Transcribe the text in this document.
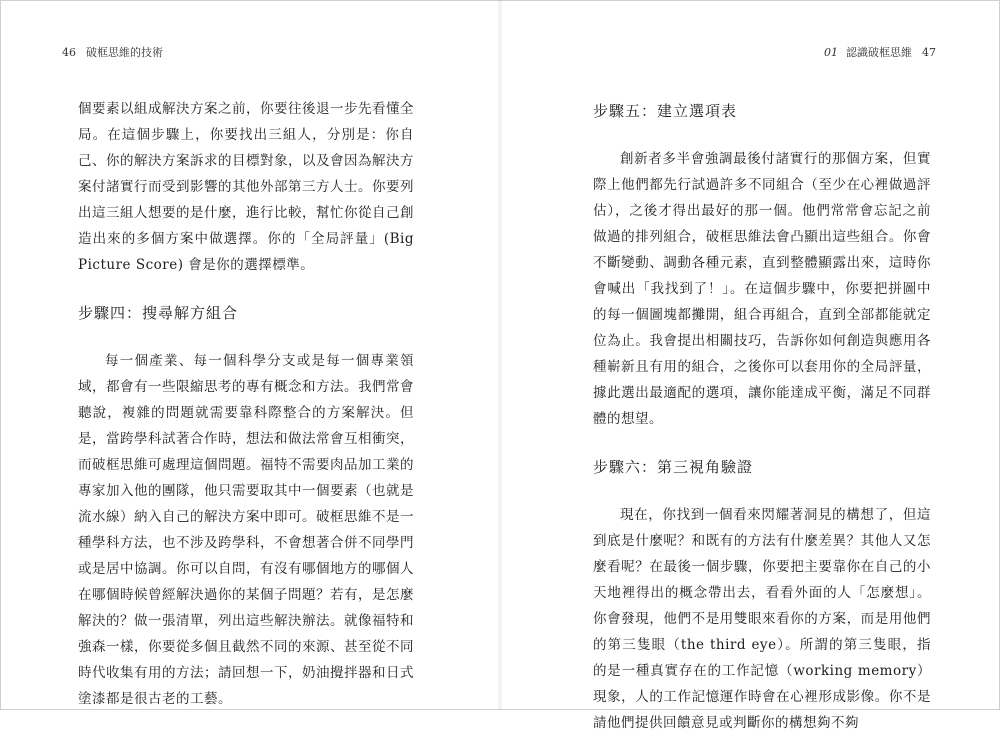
46 破框思維的技術

個要素以組成解決方案之前，你要往後退一步先看懂全局。在這個步驟上，你要找出三組人，分別是：你自己、你的解決方案訴求的目標對象，以及會因為解決方案付諸實行而受到影響的其他外部第三方人士。你要列出這三組人想要的是什麼，進行比較，幫忙你從自己創造出來的多個方案中做選擇。你的「全局評量」(Big Picture Score) 會是你的選擇標準。

步驟四：搜尋解方組合

每一個產業、每一個科學分支或是每一個專業領域，都會有一些限縮思考的專有概念和方法。我們常會聽說，複雜的問題就需要靠科際整合的方案解決。但是，當跨學科試著合作時，想法和做法常會互相衝突，而破框思維可處理這個問題。福特不需要肉品加工業的專家加入他的團隊，他只需要取其中一個要素（也就是流水線）納入自己的解決方案中即可。破框思維不是一種學科方法，也不涉及跨學科，不會想著合併不同學門或是居中協調。你可以自問，有沒有哪個地方的哪個人在哪個時候曾經解決過你的某個子問題？若有，是怎麼解決的？做一張清單，列出這些解決辦法。就像福特和強森一樣，你要從多個且截然不同的來源、甚至從不同時代收集有用的方法；請回想一下，奶油攪拌器和日式塗漆都是很古老的工藝。

01 認識破框思維 47
步驟五：建立選項表

創新者多半會強調最後付諸實行的那個方案，但實際上他們都先行試過許多不同組合（至少在心裡做過評估），之後才得出最好的那一個。他們常常會忘記之前做過的排列組合，破框思維法會凸顯出這些組合。你會不斷變動、調動各種元素，直到整體顯露出來，這時你會喊出「我找到了！」。在這個步驟中，你要把拼圖中的每一個圖塊都攤開，組合再組合，直到全部都能就定位為止。我會提出相關技巧，告訴你如何創造與應用各種嶄新且有用的組合，之後你可以套用你的全局評量，據此選出最適配的選項，讓你能達成平衡，滿足不同群體的想望。

步驟六：第三視角驗證

現在，你找到一個看來閃耀著洞見的構想了，但這到底是什麼呢？和既有的方法有什麼差異？其他人又怎麼看呢？在最後一個步驟，你要把主要靠你在自己的小天地裡得出的概念帶出去，看看外面的人「怎麼想」。你會發現，他們不是用雙眼來看你的方案，而是用他們的第三隻眼（the third eye）。所謂的第三隻眼，指的是一種真實存在的工作記憶（working memory）現象，人的工作記憶運作時會在心裡形成影像。你不是請他們提供回饋意見或判斷你的構想夠不夠
